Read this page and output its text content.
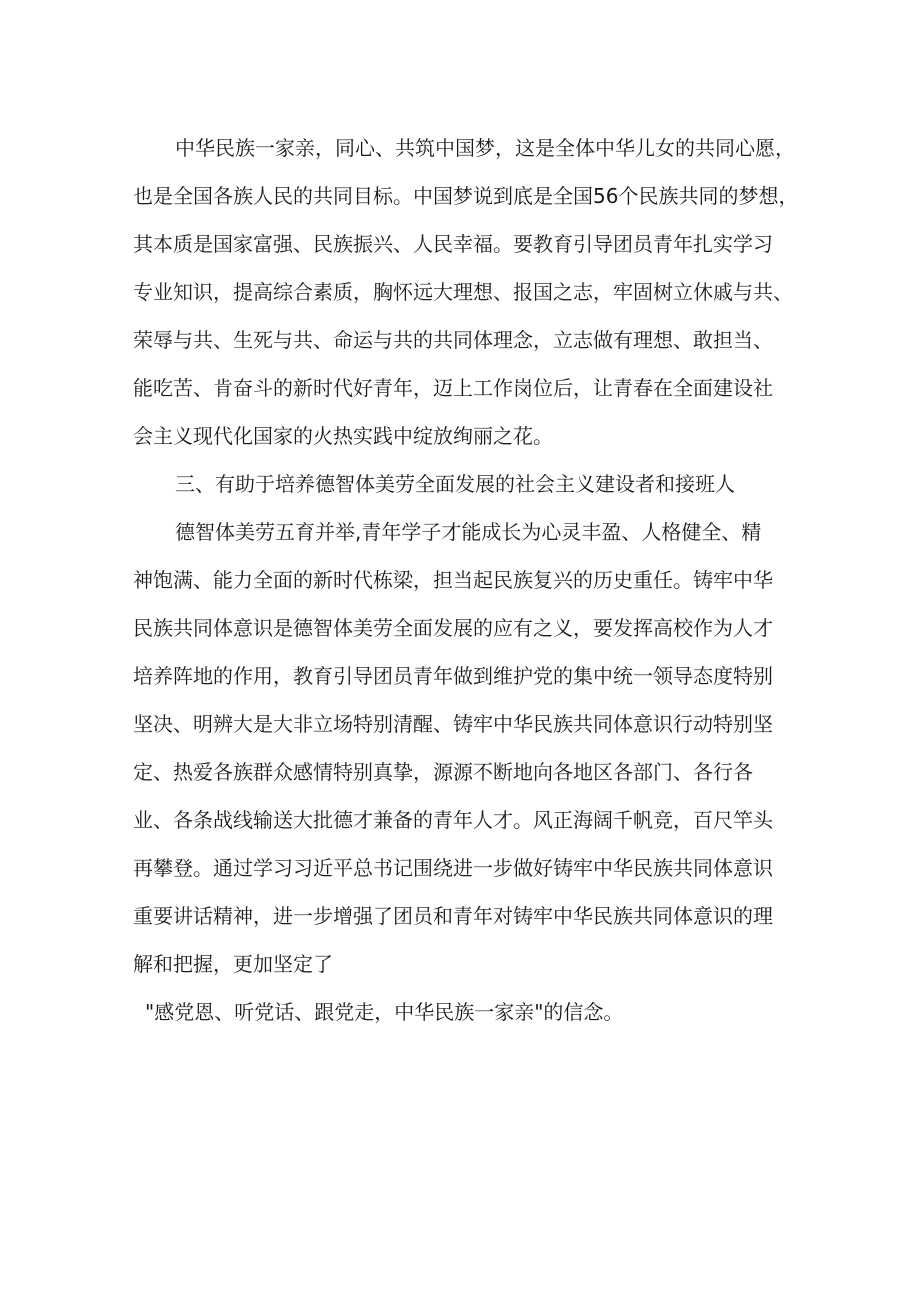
中华民族一家亲，同心、共筑中国梦，这是全体中华儿女的共同心愿，
也是全国各族人民的共同目标。中国梦说到底是全国56个民族共同的梦想，
其本质是国家富强、民族振兴、人民幸福。要教育引导团员青年扎实学习
专业知识，提高综合素质，胸怀远大理想、报国之志，牢固树立休戚与共、
荣辱与共、生死与共、命运与共的共同体理念，立志做有理想、敢担当、
能吃苦、肯奋斗的新时代好青年，迈上工作岗位后，让青春在全面建设社
会主义现代化国家的火热实践中绽放绚丽之花。
三、有助于培养德智体美劳全面发展的社会主义建设者和接班人
德智体美劳五育并举,青年学子才能成长为心灵丰盈、人格健全、精
神饱满、能力全面的新时代栋梁，担当起民族复兴的历史重任。铸牢中华
民族共同体意识是德智体美劳全面发展的应有之义，要发挥高校作为人才
培养阵地的作用，教育引导团员青年做到维护党的集中统一领导态度特别
坚决、明辨大是大非立场特别清醒、铸牢中华民族共同体意识行动特别坚
定、热爱各族群众感情特别真挚，源源不断地向各地区各部门、各行各
业、各条战线输送大批德才兼备的青年人才。风正海阔千帆竞，百尺竿头
再攀登。通过学习习近平总书记围绕进一步做好铸牢中华民族共同体意识
重要讲话精神，进一步增强了团员和青年对铸牢中华民族共同体意识的理
解和把握，更加坚定了
"感党恩、听党话、跟党走，中华民族一家亲"的信念。
